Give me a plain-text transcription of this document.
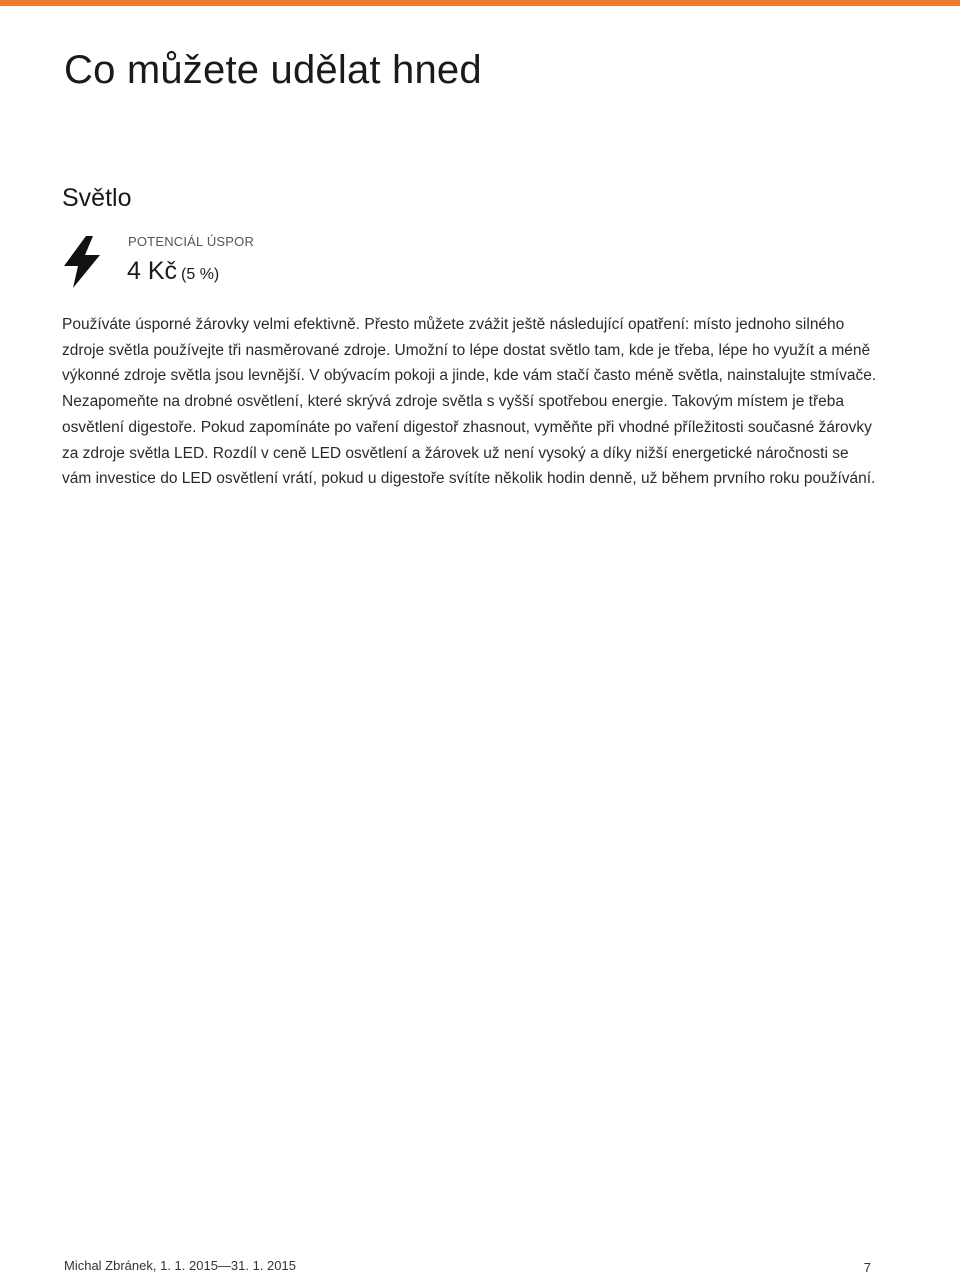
Co můžete udělat hned
Světlo
POTENCIÁL ÚSPOR
4 Kč (5 %)

Používáte úsporné žárovky velmi efektivně. Přesto můžete zvážit ještě následující opatření: místo jednoho silného zdroje světla používejte tři nasměrované zdroje. Umožní to lépe dostat světlo tam, kde je třeba, lépe ho využít a méně výkonné zdroje světla jsou levnější. V obývacím pokoji a jinde, kde vám stačí často méně světla, nainstalujte stmívače.

Nezapomeňte na drobné osvětlení, které skrývá zdroje světla s vyšší spotřebou energie. Takovým místem je třeba osvětlení digestoře. Pokud zapomínáte po vaření digestoř zhasnout, vyměňte při vhodné příležitosti současné žárovky za zdroje světla LED. Rozdíl v ceně LED osvětlení a žárovek už není vysoký a díky nižší energetické náročnosti se vám investice do LED osvětlení vrátí, pokud u digestoře svítíte několik hodin denně, už během prvního roku používání.

Michal Zbránek, 1. 1. 2015—31. 1. 2015	7
